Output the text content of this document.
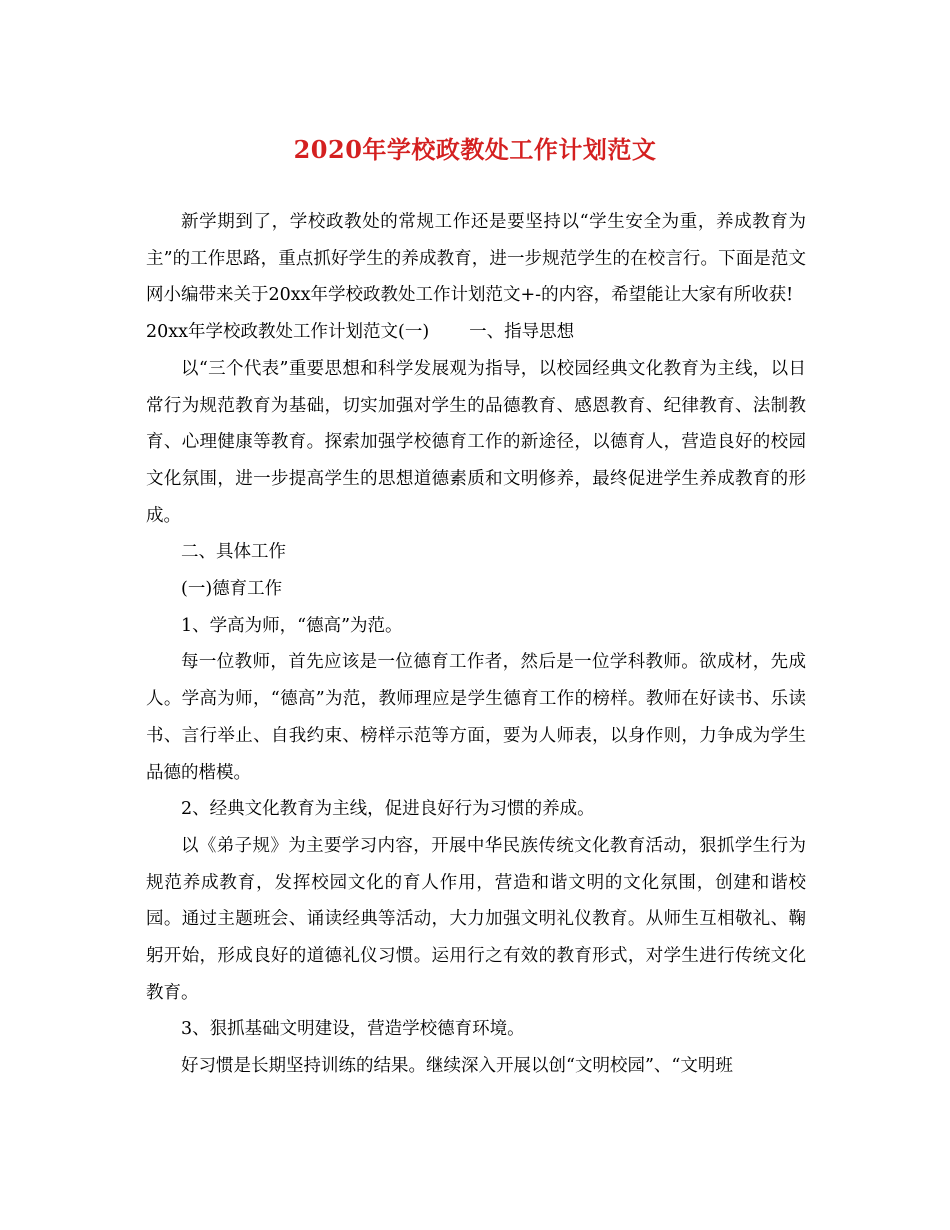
2020年学校政教处工作计划范文

新学期到了，学校政教处的常规工作还是要坚持以“学生安全为重，养成教育为主”的工作思路，重点抓好学生的养成教育，进一步规范学生的在校言行。下面是范文网小编带来关于20xx年学校政教处工作计划范文+-的内容，希望能让大家有所收获!

20xx年学校政教处工作计划范文(一) 一、指导思想

以“三个代表”重要思想和科学发展观为指导，以校园经典文化教育为主线，以日常行为规范教育为基础，切实加强对学生的品德教育、感恩教育、纪律教育、法制教育、心理健康等教育。探索加强学校德育工作的新途径，以德育人，营造良好的校园文化氛围，进一步提高学生的思想道德素质和文明修养，最终促进学生养成教育的形成。

二、具体工作

(一)德育工作

1、学高为师，“德高”为范。

每一位教师，首先应该是一位德育工作者，然后是一位学科教师。欲成材，先成人。学高为师，“德高”为范，教师理应是学生德育工作的榜样。教师在好读书、乐读书、言行举止、自我约束、榜样示范等方面，要为人师表，以身作则，力争成为学生品德的楷模。

2、经典文化教育为主线，促进良好行为习惯的养成。

以《弟子规》为主要学习内容，开展中华民族传统文化教育活动，狠抓学生行为规范养成教育，发挥校园文化的育人作用，营造和谐文明的文化氛围，创建和谐校园。通过主题班会、诵读经典等活动，大力加强文明礼仪教育。从师生互相敬礼、鞠躬开始，形成良好的道德礼仪习惯。运用行之有效的教育形式，对学生进行传统文化教育。

3、狠抓基础文明建设，营造学校德育环境。

好习惯是长期坚持训练的结果。继续深入开展以创“文明校园”、“文明班
